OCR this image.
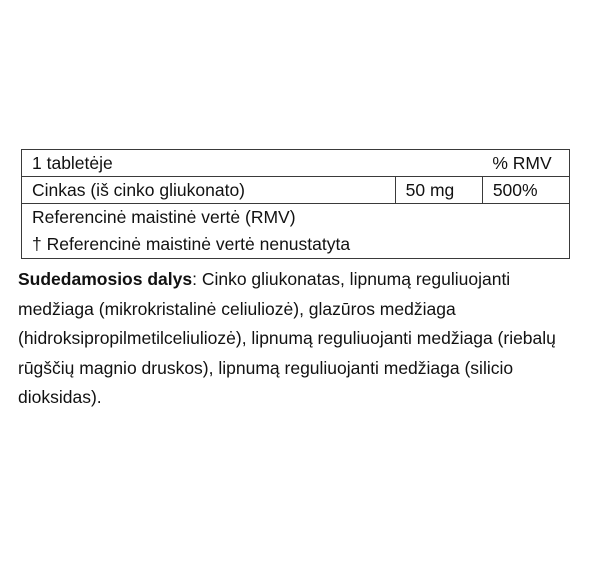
1 tabletėje		% RMV
Cinkas (iš cinko gliukonato)	50 mg	500%

Referencinė maistinė vertė (RMV)
† Referencinė maistinė vertė nenustatyta		
Sudedamosios dalys: Cinko gliukonatas, lipnumą reguliuojanti medžiaga (mikrokristalinė celiuliozė), glazūros medžiaga (hidroksipropilmetilceliuliozė), lipnumą reguliuojanti medžiaga (riebalų rūgščių magnio druskos), lipnumą reguliuojanti medžiaga (silicio dioksidas).
